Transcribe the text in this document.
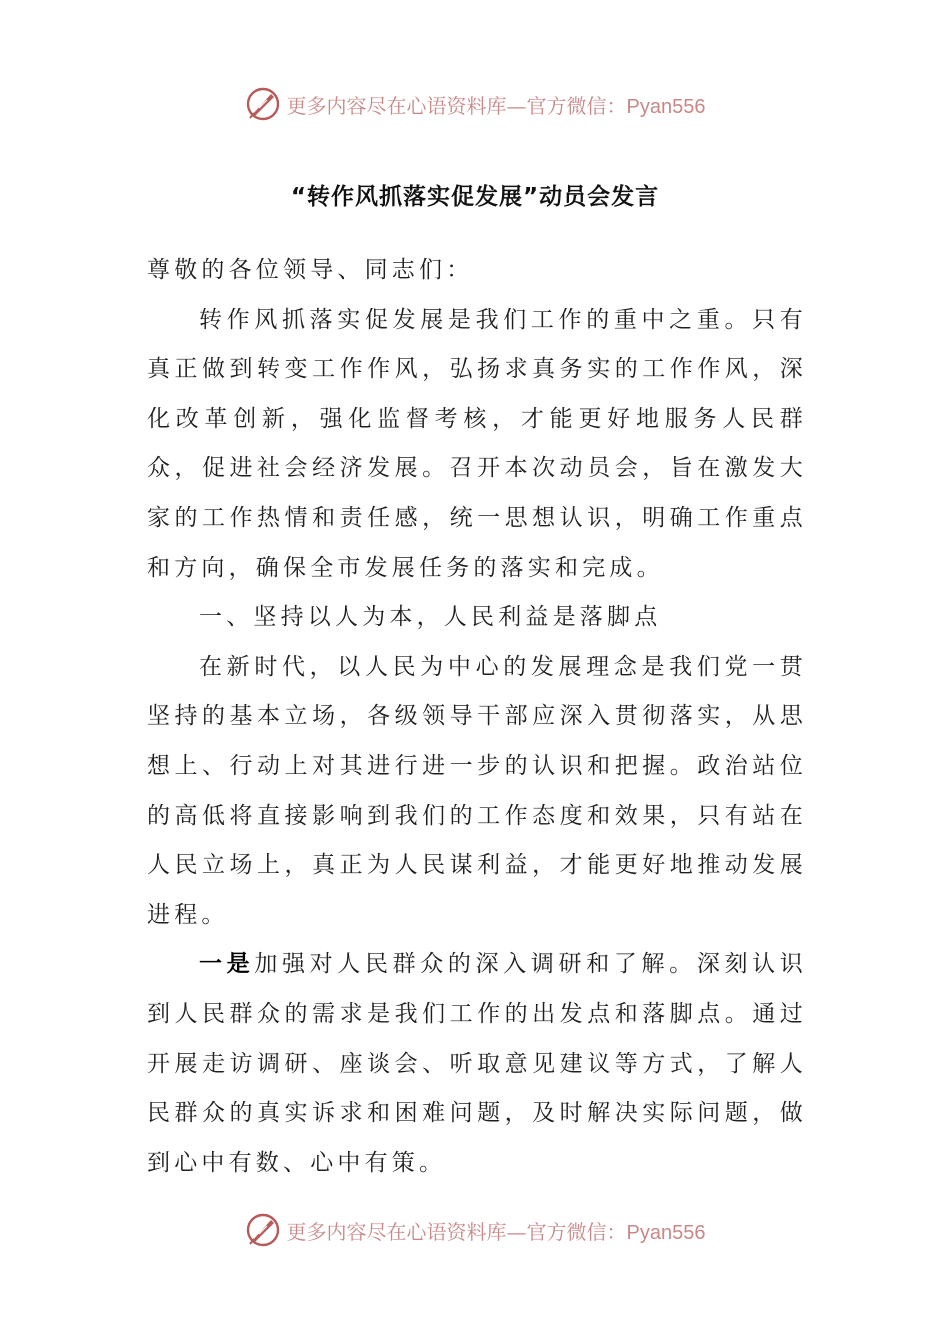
更多内容尽在心语资料库—官方微信：Pyan556
“转作风抓落实促发展”动员会发言

尊敬的各位领导、同志们：

转作风抓落实促发展是我们工作的重中之重。只有真正做到转变工作作风，弘扬求真务实的工作作风，深化改革创新，强化监督考核，才能更好地服务人民群众，促进社会经济发展。召开本次动员会，旨在激发大家的工作热情和责任感，统一思想认识，明确工作重点和方向，确保全市发展任务的落实和完成。

一、坚持以人为本，人民利益是落脚点

在新时代，以人民为中心的发展理念是我们党一贯坚持的基本立场，各级领导干部应深入贯彻落实，从思想上、行动上对其进行进一步的认识和把握。政治站位的高低将直接影响到我们的工作态度和效果，只有站在人民立场上，真正为人民谋利益，才能更好地推动发展进程。

一是加强对人民群众的深入调研和了解。深刻认识到人民群众的需求是我们工作的出发点和落脚点。通过开展走访调研、座谈会、听取意见建议等方式，了解人民群众的真实诉求和困难问题，及时解决实际问题，做到心中有数、心中有策。

更多内容尽在心语资料库—官方微信：Pyan556
